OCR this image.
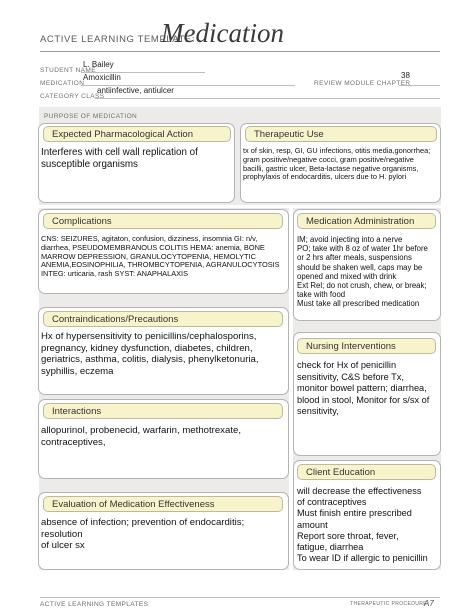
ACTIVE LEARNING TEMPLATE:
Medication
STUDENT NAME
L. Bailey
MEDICATION
Amoxicillin
REVIEW MODULE CHAPTER
38
CATEGORY CLASS
antiinfective, antiulcer
PURPOSE OF MEDICATION
Expected Pharmacological Action
Interferes with cell wall replication of
susceptible organisms
Therapeutic Use
tx of skin, resp, GI, GU infections, otitis media,gonorrhea;
gram positive/negative cocci, gram positive/negative
bacilli, gastric ulcer, Beta-lactase negative organisms,
prophylaxis of endocarditis, ulcers due to H. pylori
Complications
CNS: SEIZURES, agitaton, confusion, dizziness, insomnia GI: n/v,
diarrhea, PSEUDOMEMBRANOUS COLITIS HEMA: anemia, BONE
MARROW DEPRESSION, GRANULOCYTOPENIA, HEMOLYTIC
ANEMIA,EOSINOPHILIA, THROMBCYTOPENIA, AGRANULOCYTOSIS
INTEG: urticaria, rash SYST: ANAPHALAXIS
Contraindications/Precautions
Hx of hypersensitivity to penicillins/cephalosporins,
pregnancy, kidney dysfunction, diabetes, children,
geriatrics, asthma, colitis, dialysis, phenylketonuria,
syphillis, eczema
Interactions
allopurinol, probenecid, warfarin, methotrexate,
contraceptives,
Evaluation of Medication Effectiveness
absence of infection; prevention of endocarditis; resolution
of ulcer sx
Medication Administration
IM; avoid injecting into a nerve
PO; take with 8 oz of water 1hr before
or 2 hrs after meals, suspensions
should be shaken well, caps may be
opened and mixed with drink
Ext Rel; do not crush, chew, or break;
take with food
Must take all prescribed medication
Nursing Interventions
check for Hx of penicillin
sensitivity, C&S before Tx,
monitor bowel pattern; diarrhea,
blood in stool, Monitor for s/sx of
sensitivity,
Client Education
will decrease the effectiveness
of contraceptives
Must finish entire prescribed
amount
Report sore throat, fever,
fatigue, diarrhea
To wear ID if allergic to penicillin
ACTIVE LEARNING TEMPLATES	THERAPEUTIC PROCEDURE
A7
